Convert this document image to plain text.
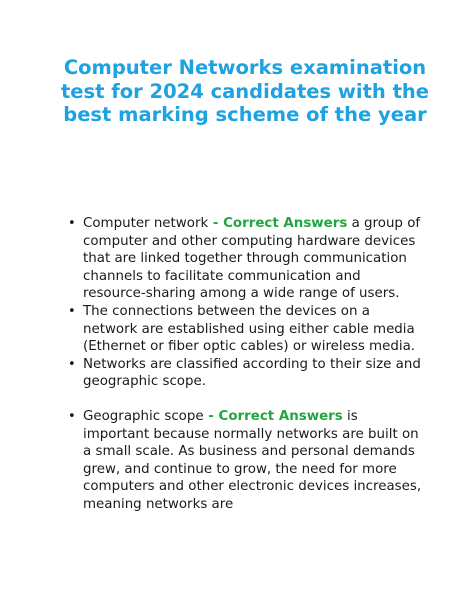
Computer Networks examination test for 2024 candidates with the best marking scheme of the year
• Computer network - Correct Answers a group of computer and other computing hardware devices that are linked together through communication channels to facilitate communication and resource-sharing among a wide range of users.
• The connections between the devices on a network are established using either cable media (Ethernet or fiber optic cables) or wireless media.
• Networks are classified according to their size and geographic scope.
• Geographic scope - Correct Answers is important because normally networks are built on a small scale. As business and personal demands grew, and continue to grow, the need for more computers and other electronic devices increases, meaning networks are
